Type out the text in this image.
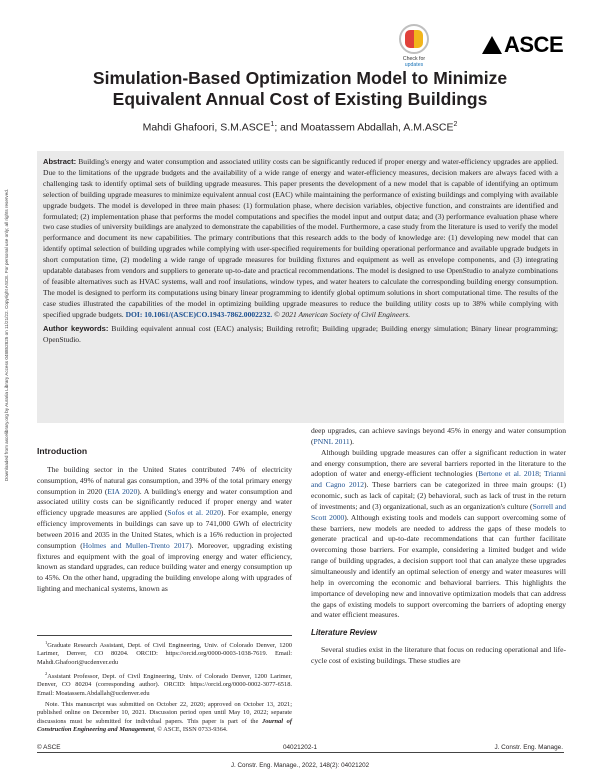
Downloaded from ascelibrary.org by Auraria Library Access 048852825 on 11/21/22. Copyright ASCE. For personal use only; all rights reserved.
Check for
updates
ASCE
Simulation-Based Optimization Model to Minimize
Equivalent Annual Cost of Existing Buildings
Mahdi Ghafoori, S.M.ASCE$^1$; and Moatassem Abdallah, A.M.ASCE$^2$

Abstract: Building's energy and water consumption and associated utility costs can be significantly reduced if proper energy and water-efficiency upgrades are applied. Due to the limitations of the upgrade budgets and the availability of a wide range of energy and water-efficiency measures, decision makers are always faced with a challenging task to identify optimal sets of building upgrade measures. This paper presents the development of a new model that is capable of identifying an optimum selection of building upgrade measures to minimize equivalent annual cost (EAC) while maintaining the performance of existing buildings and complying with available upgrade budgets. The model is developed in three main phases: (1) formulation phase, where decision variables, objective function, and constraints are identified and formulated; (2) implementation phase that performs the model computations and specifies the model input and output data; and (3) performance evaluation phase where two case studies of university buildings are analyzed to demonstrate the capabilities of the model. Furthermore, a case study from the literature is used to verify the model performance and document its new capabilities. The primary contributions that this research adds to the body of knowledge are: (1) developing new model that can identify optimal selection of building upgrades while complying with user-specified requirements for building operational performance and available upgrade budgets in short computation time, (2) modeling a wide range of upgrade measures for building fixtures and equipment as well as envelope components, and (3) integrating updatable databases from vendors and suppliers to generate up-to-date and practical recommendations. The model is designed to use OpenStudio to analyze combinations of feasible alternatives such as HVAC systems, wall and roof insulations, window types, and water heaters to calculate the corresponding building energy consumption. The model is designed to perform its computations using binary linear programming to identify global optimum solutions in short computational time. The results of the case studies illustrated the capabilities of the model in optimizing building upgrade measures to reduce the building utility costs up to 38% while complying with specified upgrade budgets. DOI: 10.1061/(ASCE)CO.1943-7862.0002232. © 2021 American Society of Civil Engineers.

Author keywords: Building equivalent annual cost (EAC) analysis; Building retrofit; Building upgrade; Building energy simulation; Binary linear programming; OpenStudio.

Introduction

The building sector in the United States contributed 74% of electricity consumption, 49% of natural gas consumption, and 39% of the total primary energy consumption in 2020 (EIA 2020). A building's energy and water consumption and associated utility costs can be significantly reduced if proper energy and water efficiency upgrade measures are applied (Sofos et al. 2020). For example, energy efficiency improvements in buildings can save up to 741,000 GWh of electricity between 2016 and 2035 in the United States, which is a 16% reduction in projected consumption (Holmes and Mullen-Trento 2017). Moreover, upgrading existing fixtures and equipment with the goal of improving energy and water efficiency, known as standard upgrades, can reduce building water and energy consumption up to 45%. On the other hand, upgrading the building envelope along with upgrades of lighting and mechanical systems, known as

$^1$Graduate Research Assistant, Dept. of Civil Engineering, Univ. of Colorado Denver, 1200 Larimer, Denver, CO 80204. ORCID: https://orcid.org/0000-0003-1038-7619. Email: Mahdi.Ghafoori@ucdenver.edu

$^2$Assistant Professor, Dept. of Civil Engineering, Univ. of Colorado Denver, 1200 Larimer, Denver, CO 80204 (corresponding author). ORCID: https://orcid.org/0000-0002-3077-6518. Email: Moatassem.Abdallah@ucdenver.edu

Note. This manuscript was submitted on October 22, 2020; approved on October 13, 2021; published online on December 10, 2021. Discussion period open until May 10, 2022; separate discussions must be submitted for individual papers. This paper is part of the Journal of Construction Engineering and Management, © ASCE, ISSN 0733-9364.

deep upgrades, can achieve savings beyond 45% in energy and water consumption (PNNL 2011).

Although building upgrade measures can offer a significant reduction in water and energy consumption, there are several barriers reported in the literature to the adoption of water and energy-efficient technologies (Bertone et al. 2018; Trianni and Cagno 2012). These barriers can be categorized in three main groups: (1) economic, such as lack of capital; (2) behavioral, such as lack of trust in the return of investments; and (3) organizational, such as an organization's culture (Sorrell and Scott 2000). Although existing tools and models can support overcoming some of these barriers, new models are needed to address the gaps of these models to generate practical and up-to-date recommendations that can further facilitate overcoming those barriers. For example, considering a limited budget and wide range of building upgrades, a decision support tool that can analyze these upgrades simultaneously and identify an optimal selection of energy and water measures will help in overcoming the economic and behavioral barriers. This highlights the importance of developing new and innovative optimization models that can address the gaps of existing models to support overcoming the barriers of adopting energy and water efficient measures.

Literature Review

Several studies exist in the literature that focus on reducing operational and life-cycle cost of existing buildings. These studies are

© ASCE	04021202-1	J. Constr. Eng. Manage.
J. Constr. Eng. Manage., 2022, 148(2): 04021202
